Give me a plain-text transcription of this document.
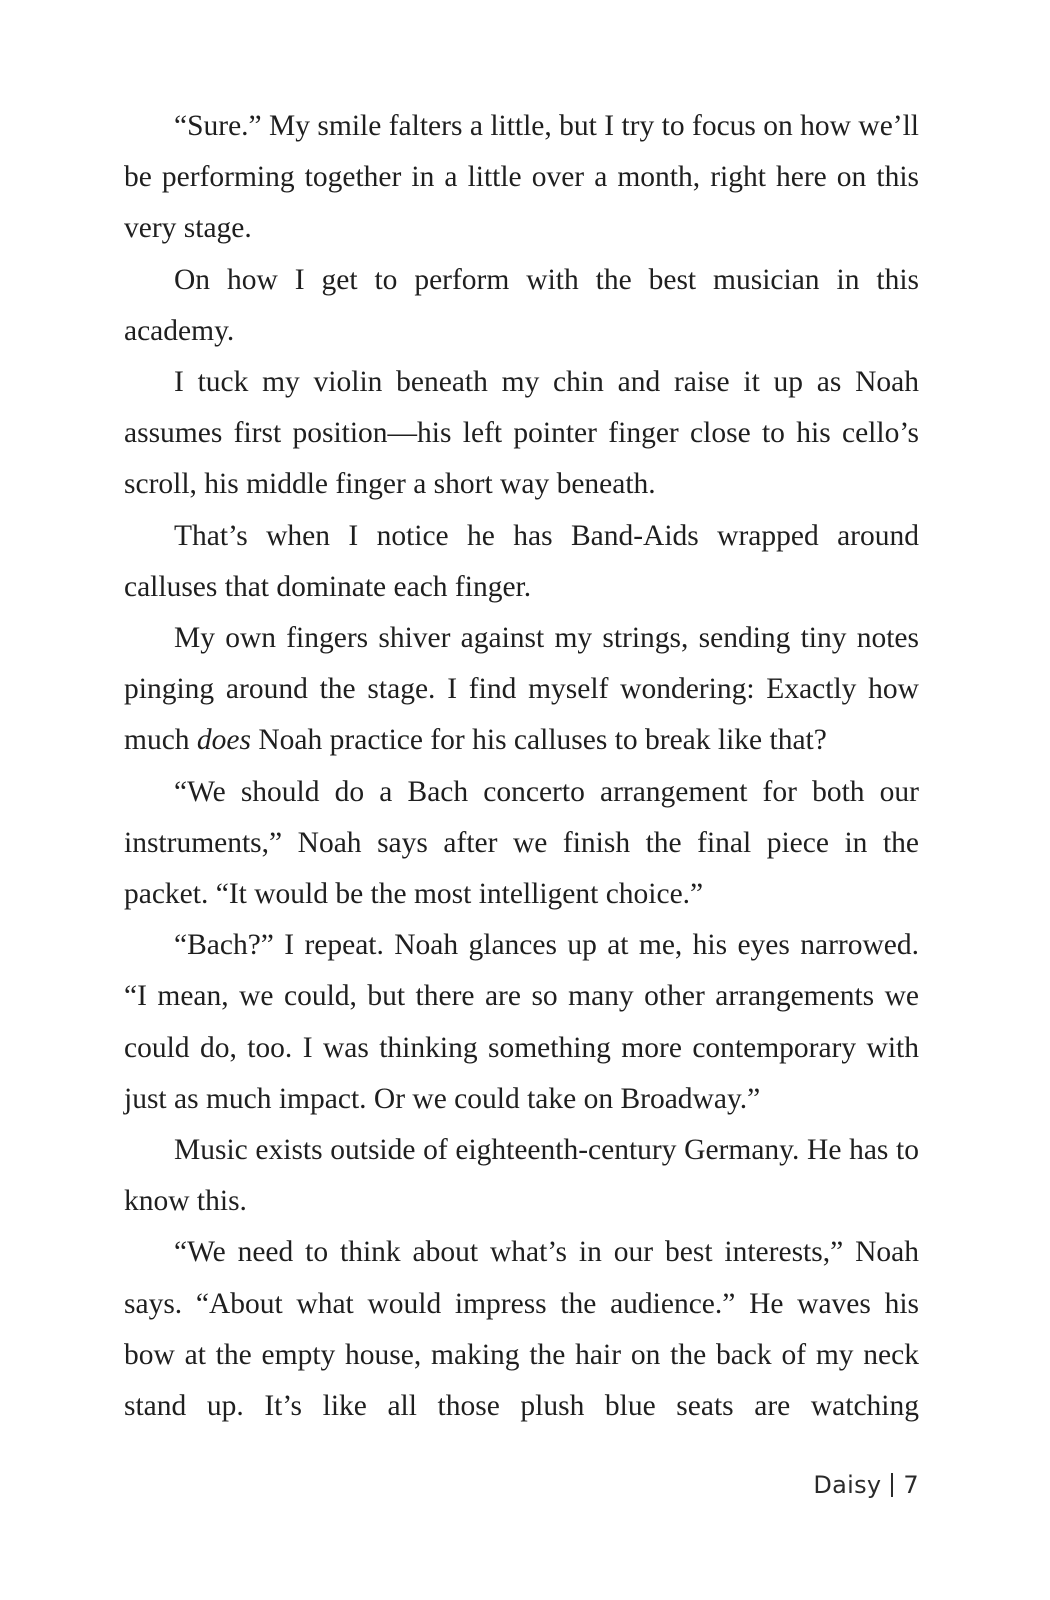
“Sure.” My smile falters a little, but I try to focus on how we’ll be performing together in a little over a month, right here on this very stage.

On how I get to perform with the best musician in this academy.

I tuck my violin beneath my chin and raise it up as Noah assumes first position—his left pointer finger close to his cello’s scroll, his middle finger a short way beneath.

That’s when I notice he has Band-Aids wrapped around calluses that dominate each finger.

My own fingers shiver against my strings, sending tiny notes pinging around the stage. I find myself wondering: Exactly how much does Noah practice for his calluses to break like that?

“We should do a Bach concerto arrangement for both our instruments,” Noah says after we finish the final piece in the packet. “It would be the most intelligent choice.”

“Bach?” I repeat. Noah glances up at me, his eyes narrowed. “I mean, we could, but there are so many other arrangements we could do, too. I was thinking something more contemporary with just as much impact. Or we could take on Broadway.”

Music exists outside of eighteenth-century Germany. He has to know this.

“We need to think about what’s in our best interests,” Noah says. “About what would impress the audience.” He waves his bow at the empty house, making the hair on the back of my neck stand up. It’s like all those plush blue seats are watching

Daisy 7
